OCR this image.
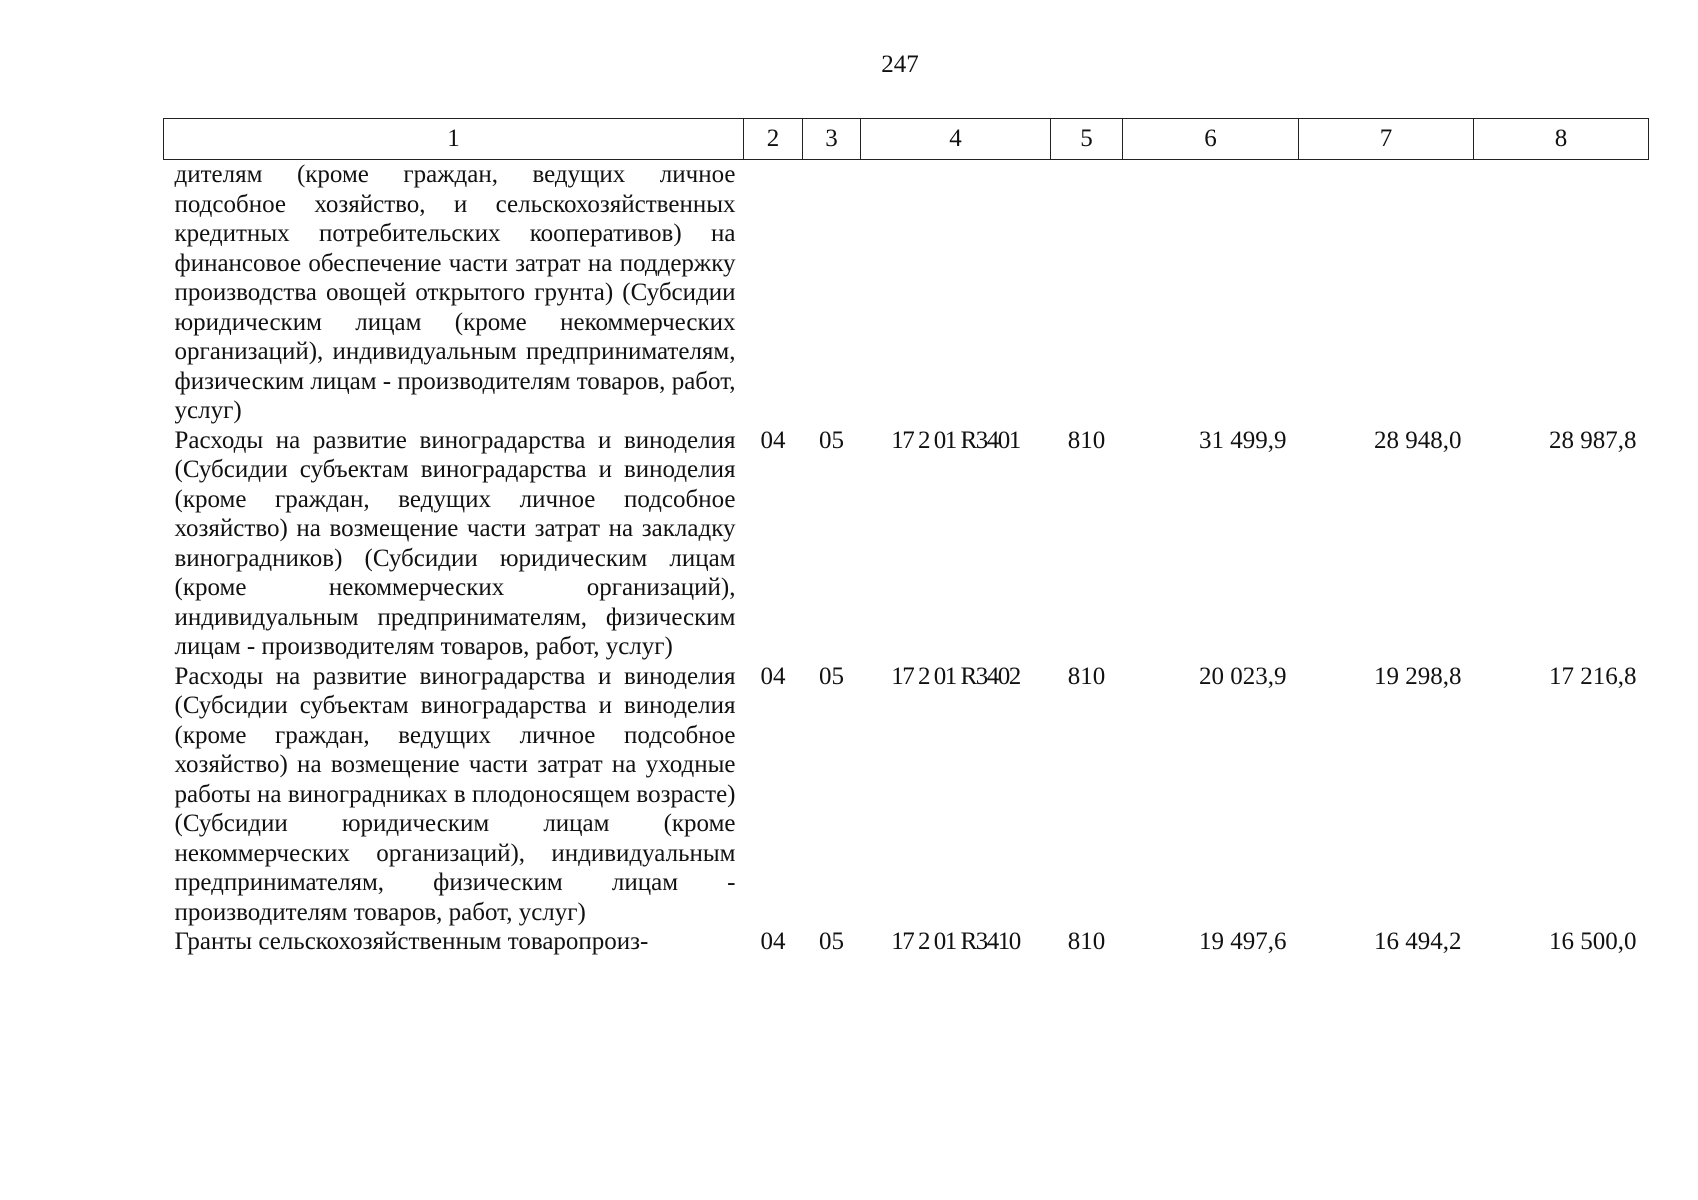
247
1	2	3	4	5	6	7	8
дителям (кроме граждан, ведущих личное подсобное хозяйство, и сельскохозяйственных кредитных потребительских кооперативов) на финансовое обеспечение части затрат на поддержку производства овощей открытого грунта) (Субсидии юридическим лицам (кроме некоммерческих организаций), индивидуальным предпринимателям, физическим лицам - производителям товаров, работ, услуг)							
Расходы на развитие виноградарства и виноделия (Субсидии субъектам виноградарства и виноделия (кроме граждан, ведущих личное подсобное хозяйство) на возмещение части затрат на закладку виноградников) (Субсидии юридическим лицам (кроме некоммерческих организаций), индивидуальным предпринимателям, физическим лицам - производителям товаров, работ, услуг)	04	05	17 2 01 R3401	810	31 499,9	28 948,0	28 987,8
Расходы на развитие виноградарства и виноделия (Субсидии субъектам виноградарства и виноделия (кроме граждан, ведущих личное подсобное хозяйство) на возмещение части затрат на уходные работы на виноградниках в плодоносящем возрасте) (Субсидии юридическим лицам (кроме некоммерческих организаций), индивидуальным предпринимателям, физическим лицам - производителям товаров, работ, услуг)	04	05	17 2 01 R3402	810	20 023,9	19 298,8	17 216,8
Гранты сельскохозяйственным товаропроиз-	04	05	17 2 01 R3410	810	19 497,6	16 494,2	16 500,0
